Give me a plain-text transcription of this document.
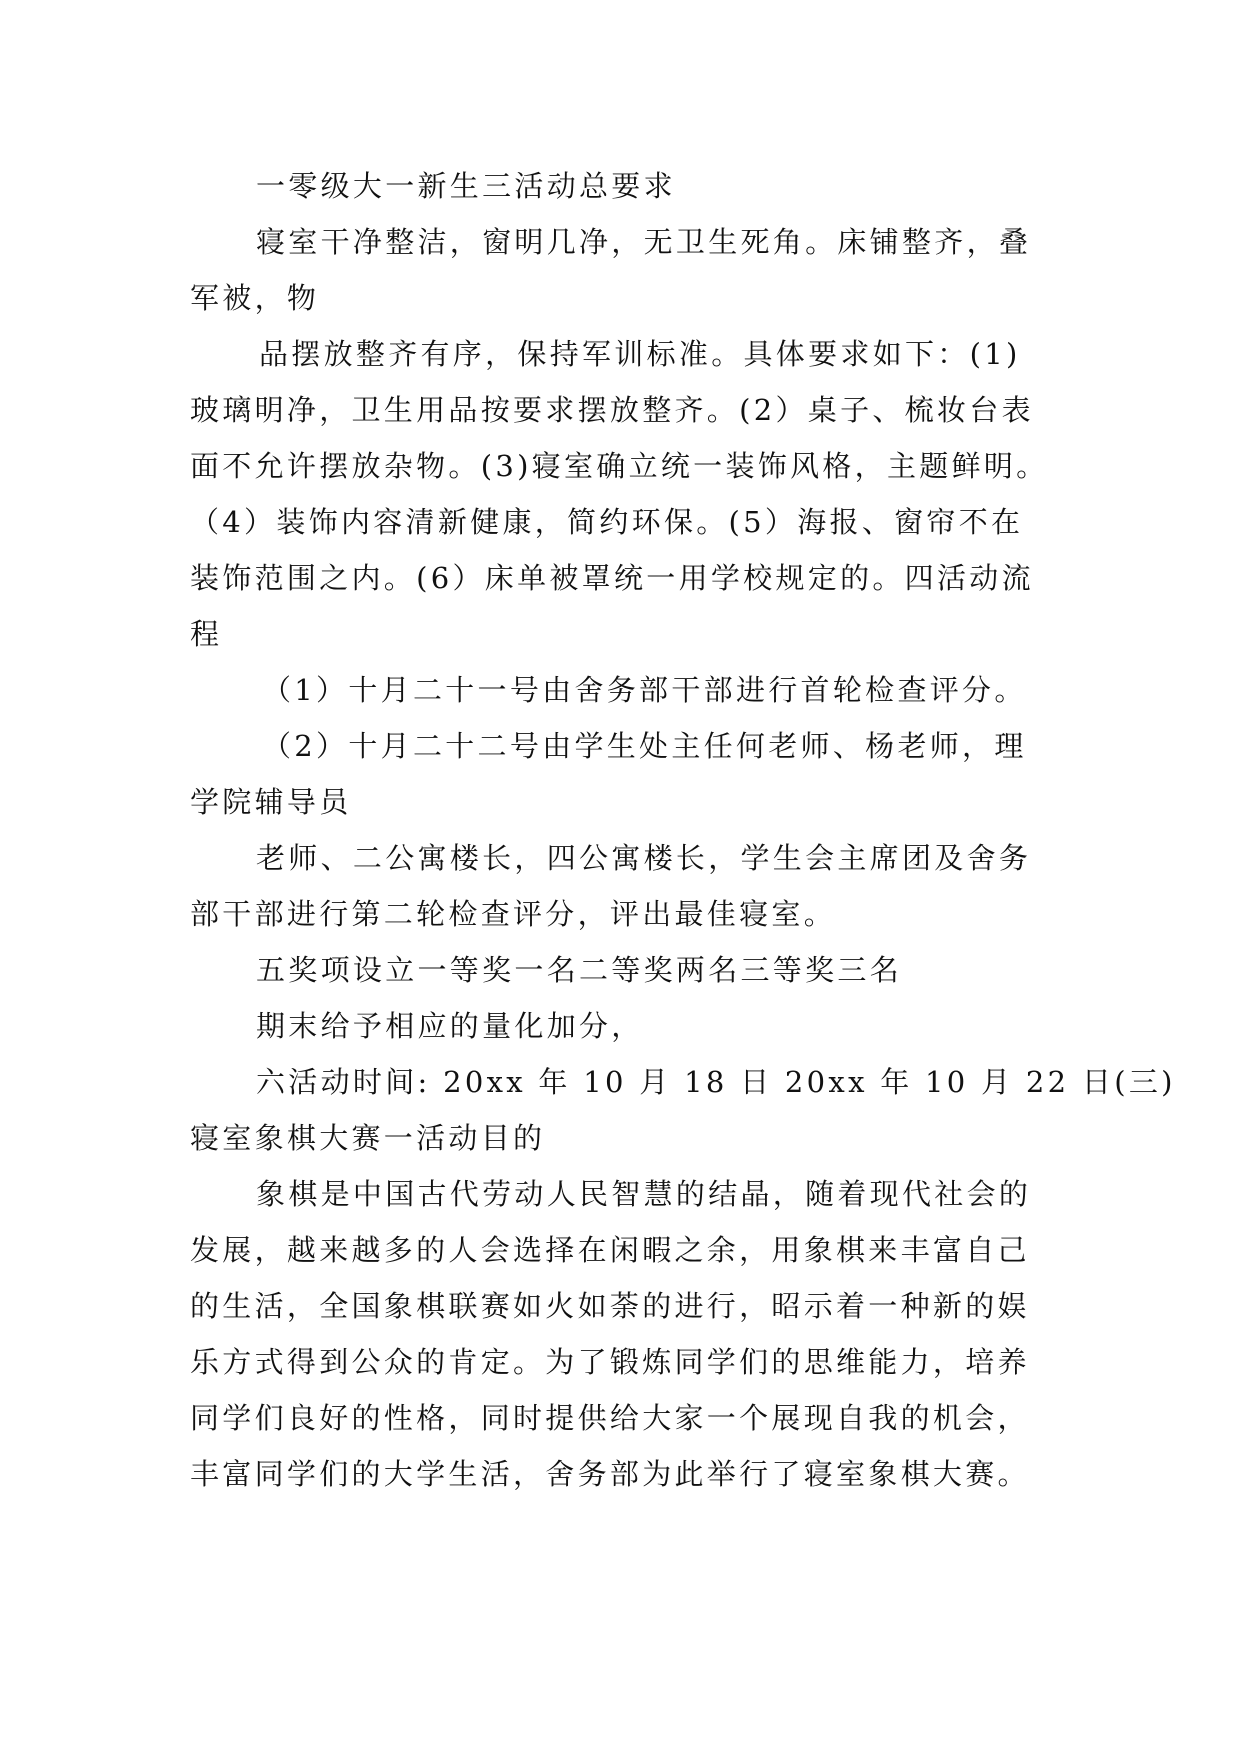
一零级大一新生三活动总要求
寝室干净整洁，窗明几净，无卫生死角。床铺整齐，叠
军被，物
品摆放整齐有序，保持军训标准。具体要求如下：(1)
玻璃明净，卫生用品按要求摆放整齐。(2）桌子、梳妆台表
面不允许摆放杂物。(3)寝室确立统一装饰风格，主题鲜明。
（4）装饰内容清新健康，简约环保。(5）海报、窗帘不在
装饰范围之内。(6）床单被罩统一用学校规定的。四活动流
程
（1）十月二十一号由舍务部干部进行首轮检查评分。
（2）十月二十二号由学生处主任何老师、杨老师，理
学院辅导员
老师、二公寓楼长，四公寓楼长，学生会主席团及舍务
部干部进行第二轮检查评分，评出最佳寝室。
五奖项设立一等奖一名二等奖两名三等奖三名
期末给予相应的量化加分，
六活动时间: 20xx 年 10 月 18 日 20xx 年 10 月 22 日(三)
寝室象棋大赛一活动目的
象棋是中国古代劳动人民智慧的结晶，随着现代社会的
发展，越来越多的人会选择在闲暇之余，用象棋来丰富自己
的生活，全国象棋联赛如火如荼的进行，昭示着一种新的娱
乐方式得到公众的肯定。为了锻炼同学们的思维能力，培养
同学们良好的性格，同时提供给大家一个展现自我的机会，
丰富同学们的大学生活，舍务部为此举行了寝室象棋大赛。
